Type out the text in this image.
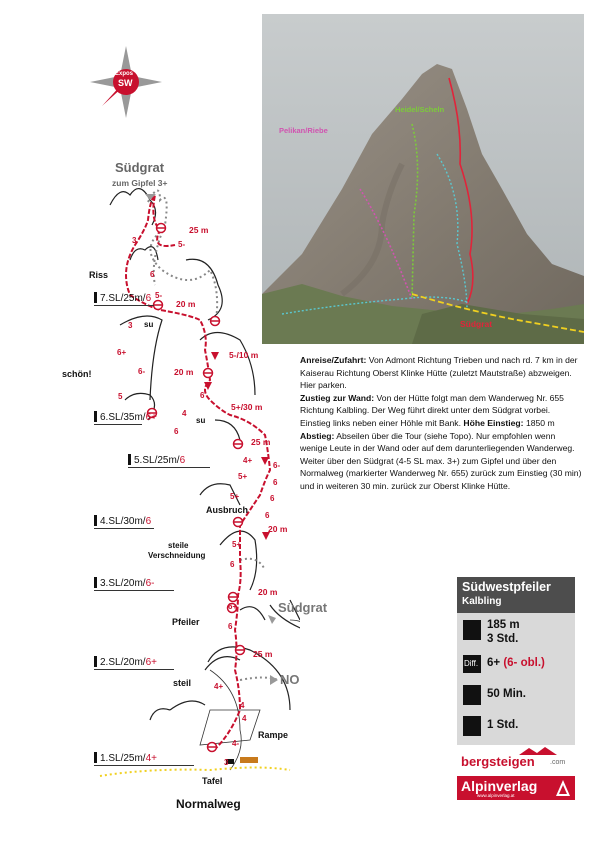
Expos
SW
Pelikan/Riebe
Heidel/Scheln
Südgrat
Südgrat
zum Gipfel 3+
7.SL/25m/6
6.SL/35m/6+
5.SL/25m/6
4.SL/30m/6
3.SL/20m/6-
2.SL/20m/6+
1.SL/25m/4+
Riss
schön!
Ausbruch
steile
Verschneidung
Pfeiler
steil
Rampe
Tafel
Südgrat
NO
Normalweg
25 m
20 m
5-/10 m
20 m
5+/30 m
25 m
20 m
20 m
25 m
3	5-
6
5-
3
6+
6-
5	6
4
6
4+
6-
5+
6
5+	6
6
5+
6
6+
6
4+
4
4
4-
3
su
su

Anreise/Zufahrt: Von Admont Richtung Trieben und nach rd. 7 km in der Kaiserau Richtung Oberst Klinke Hütte (zuletzt Mautstraße) abzweigen. Hier parken.

Zustieg zur Wand: Von der Hütte folgt man dem Wanderweg Nr. 655 Richtung Kalbling. Der Weg führt direkt unter dem Südgrat vorbei. Einstieg links neben einer Höhle mit Bank. Höhe Einstieg: 1850 m

Abstieg: Abseilen über die Tour (siehe Topo). Nur empfohlen wenn wenige Leute in der Wand oder auf dem darunterliegenden Wanderweg. Weiter über den Südgrat (4-5 SL max. 3+) zum Gipfel und über den Normalweg (markierter Wanderweg Nr. 655) zurück zum Einstieg (30 min) und in weiteren 30 min. zurück zur Oberst Klinke Hütte.

Südwestpfeiler
Kalbling
185 m
3 Std.
Diff. 6+ (6- obl.)
50 Min.
1 Std.
bergsteigen .com
Alpinverlag
www.alpinverlag.at
